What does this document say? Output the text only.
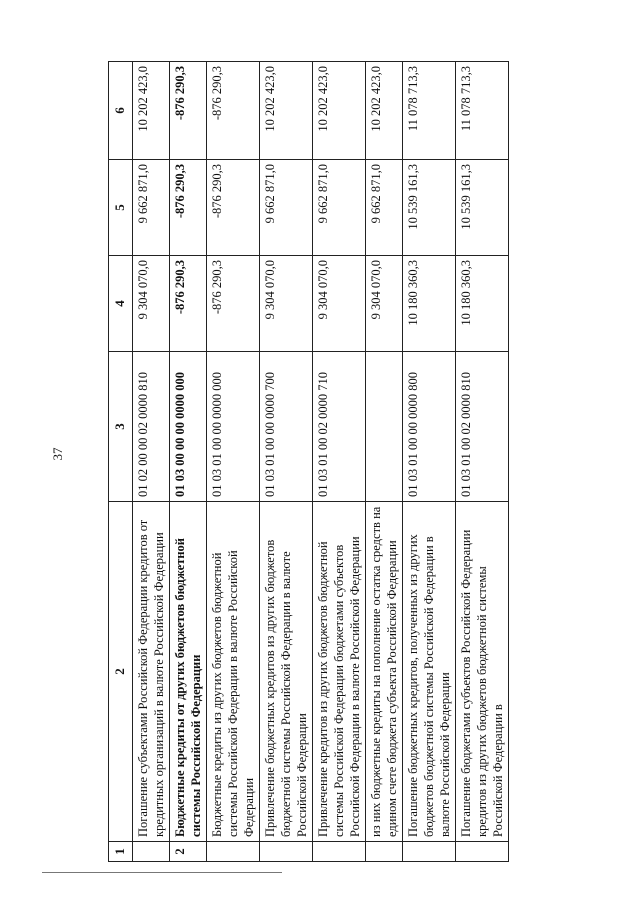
37
1	2	3	4	5	6
	Погашение субъектами Российской Федерации кредитов от кредитных организаций в валюте Российской Федерации	01 02 00 00 02 0000 810	9 304 070,0	9 662 871,0	10 202 423,0
2	Бюджетные кредиты от других бюджетов бюджетной системы Российской Федерации	01 03 00 00 00 0000 000	-876 290,3	-876 290,3	-876 290,3
	Бюджетные кредиты из других бюджетов бюджетной системы Российской Федерации в валюте Российской Федерации	01 03 01 00 00 0000 000	-876 290,3	-876 290,3	-876 290,3
	Привлечение бюджетных кредитов из других бюджетов бюджетной системы Российской Федерации в валюте Российской Федерации	01 03 01 00 00 0000 700	9 304 070,0	9 662 871,0	10 202 423,0
	Привлечение кредитов из других бюджетов бюджетной системы Российской Федерации бюджетами субъектов Российской Федерации в валюте Российской Федерации	01 03 01 00 02 0000 710	9 304 070,0	9 662 871,0	10 202 423,0
	из них бюджетные кредиты на пополнение остатка средств на едином счете бюджета субъекта Российской Федерации		9 304 070,0	9 662 871,0	10 202 423,0
	Погашение бюджетных кредитов, полученных из других бюджетов бюджетной системы Российской Федерации в валюте Российской Федерации	01 03 01 00 00 0000 800	10 180 360,3	10 539 161,3	11 078 713,3
	Погашение бюджетами субъектов Российской Федерации кредитов из других бюджетов бюджетной системы Российской Федерации в	01 03 01 00 02 0000 810	10 180 360,3	10 539 161,3	11 078 713,3
